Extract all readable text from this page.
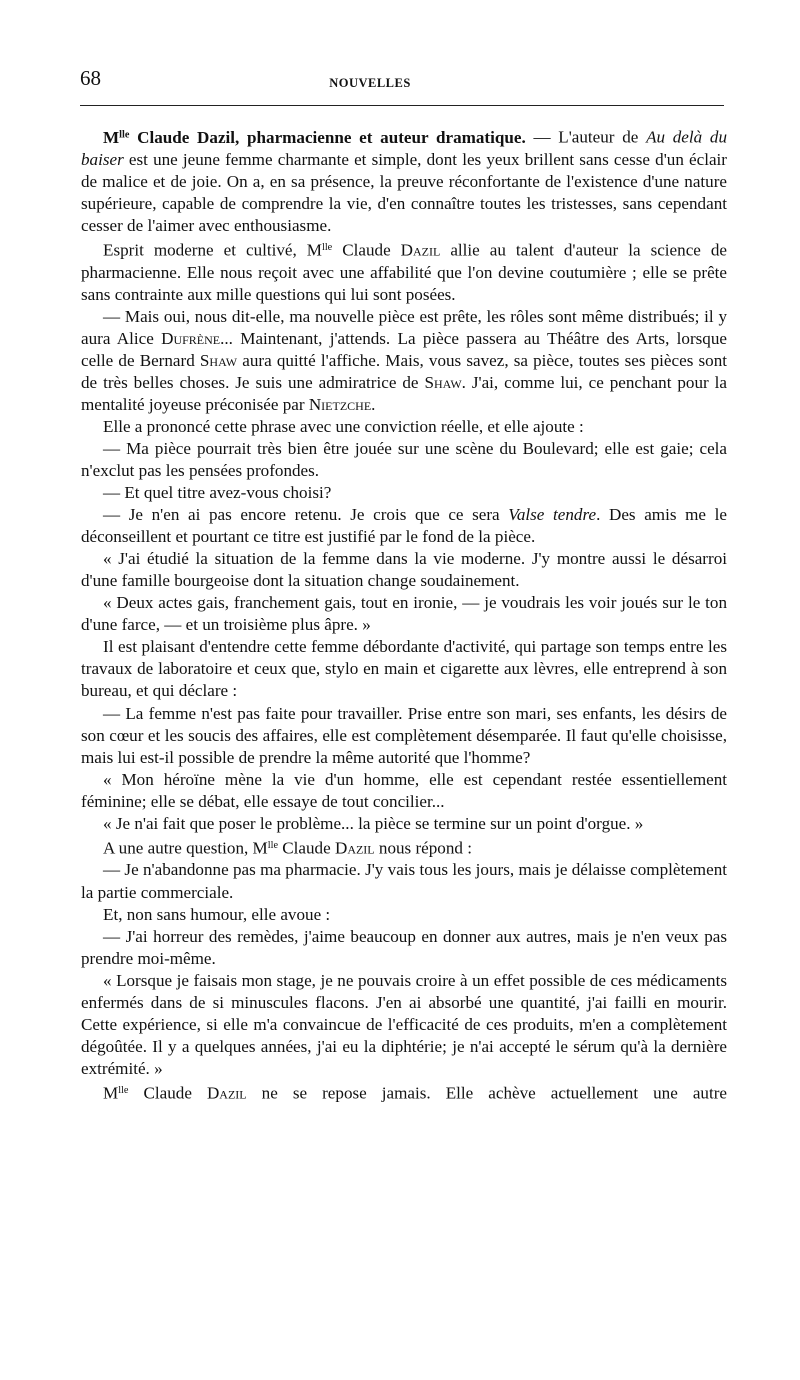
68	NOUVELLES

$M^{lle}$ Claude Dazil, pharmacienne et auteur dramatique. — L'auteur de Au delà du baiser est une jeune femme charmante et simple, dont les yeux brillent sans cesse d'un éclair de malice et de joie. On a, en sa présence, la preuve réconfortante de l'existence d'une nature supérieure, capable de comprendre la vie, d'en connaître toutes les tristesses, sans cependant cesser de l'aimer avec enthousiasme.

Esprit moderne et cultivé, $M^{lle}$ Claude Dazil allie au talent d'auteur la science de pharmacienne. Elle nous reçoit avec une affabilité que l'on devine coutumière ; elle se prête sans contrainte aux mille questions qui lui sont posées.

— Mais oui, nous dit-elle, ma nouvelle pièce est prête, les rôles sont même distribués; il y aura Alice Dufrène... Maintenant, j'attends. La pièce passera au Théâtre des Arts, lorsque celle de Bernard Shaw aura quitté l'affiche. Mais, vous savez, sa pièce, toutes ses pièces sont de très belles choses. Je suis une admiratrice de Shaw. J'ai, comme lui, ce penchant pour la mentalité joyeuse préconisée par Nietzche.

Elle a prononcé cette phrase avec une conviction réelle, et elle ajoute :

— Ma pièce pourrait très bien être jouée sur une scène du Boulevard; elle est gaie; cela n'exclut pas les pensées profondes.

— Et quel titre avez-vous choisi?

— Je n'en ai pas encore retenu. Je crois que ce sera Valse tendre. Des amis me le déconseillent et pourtant ce titre est justifié par le fond de la pièce.

« J'ai étudié la situation de la femme dans la vie moderne. J'y montre aussi le désarroi d'une famille bourgeoise dont la situation change soudainement.

« Deux actes gais, franchement gais, tout en ironie, — je voudrais les voir joués sur le ton d'une farce, — et un troisième plus âpre. »

Il est plaisant d'entendre cette femme débordante d'activité, qui partage son temps entre les travaux de laboratoire et ceux que, stylo en main et cigarette aux lèvres, elle entreprend à son bureau, et qui déclare :

— La femme n'est pas faite pour travailler. Prise entre son mari, ses enfants, les désirs de son cœur et les soucis des affaires, elle est complètement désemparée. Il faut qu'elle choisisse, mais lui est-il possible de prendre la même autorité que l'homme?

« Mon héroïne mène la vie d'un homme, elle est cependant restée essentiellement féminine; elle se débat, elle essaye de tout concilier...

« Je n'ai fait que poser le problème... la pièce se termine sur un point d'orgue. »

A une autre question, $M^{lle}$ Claude Dazil nous répond :

— Je n'abandonne pas ma pharmacie. J'y vais tous les jours, mais je délaisse complètement la partie commerciale.

Et, non sans humour, elle avoue :

— J'ai horreur des remèdes, j'aime beaucoup en donner aux autres, mais je n'en veux pas prendre moi-même.

« Lorsque je faisais mon stage, je ne pouvais croire à un effet possible de ces médicaments enfermés dans de si minuscules flacons. J'en ai absorbé une quantité, j'ai failli en mourir. Cette expérience, si elle m'a convaincue de l'efficacité de ces produits, m'en a complètement dégoûtée. Il y a quelques années, j'ai eu la diphtérie; je n'ai accepté le sérum qu'à la dernière extrémité. »

$M^{lle}$ Claude Dazil ne se repose jamais. Elle achève actuellement une autre
